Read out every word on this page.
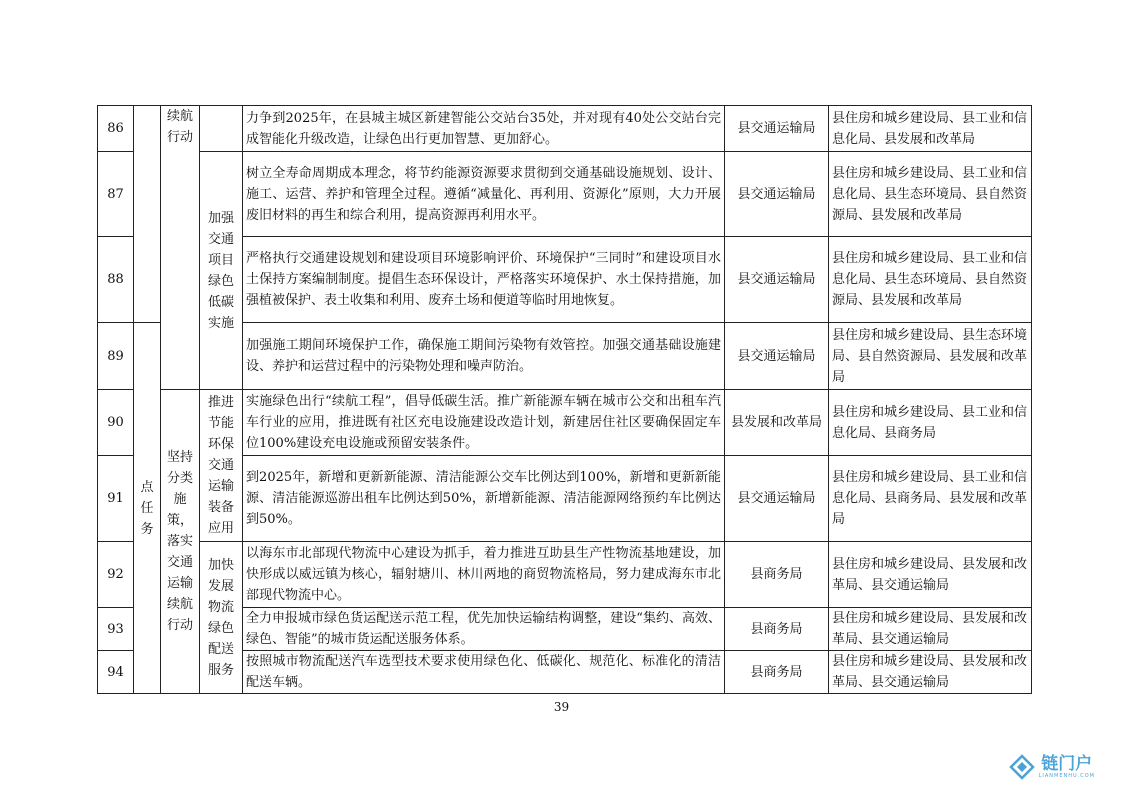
86		续航行动		力争到2025年，在县城主城区新建智能公交站台35处，并对现有40处公交站台完成智能化升级改造，让绿色出行更加智慧、更加舒心。	县交通运输局	县住房和城乡建设局、县工业和信息化局、县发展和改革局
87			加强交通项目绿色低碳实施	树立全寿命周期成本理念，将节约能源资源要求贯彻到交通基础设施规划、设计、施工、运营、养护和管理全过程。遵循“减量化、再利用、资源化”原则，大力开展废旧材料的再生和综合利用，提高资源再利用水平。	县交通运输局	县住房和城乡建设局、县工业和信息化局、县生态环境局、县自然资源局、县发展和改革局
88				严格执行交通建设规划和建设项目环境影响评价、环境保护“三同时”和建设项目水土保持方案编制制度。提倡生态环保设计，严格落实环境保护、水土保持措施，加强植被保护、表土收集和利用、废弃土场和便道等临时用地恢复。	县交通运输局	县住房和城乡建设局、县工业和信息化局、县生态环境局、县自然资源局、县发展和改革局
89	点任务			加强施工期间环境保护工作，确保施工期间污染物有效管控。加强交通基础设施建设、养护和运营过程中的污染物处理和噪声防治。	县交通运输局	县住房和城乡建设局、县生态环境局、县自然资源局、县发展和改革局
90		坚持分类施策，落实交通运输续航行动	推进节能环保交通运输装备应用	实施绿色出行“续航工程”，倡导低碳生活。推广新能源车辆在城市公交和出租车汽车行业的应用，推进既有社区充电设施建设改造计划，新建居住社区要确保固定车位100%建设充电设施或预留安装条件。	县发展和改革局	县住房和城乡建设局、县工业和信息化局、县商务局
91				到2025年，新增和更新新能源、清洁能源公交车比例达到100%，新增和更新新能源、清洁能源巡游出租车比例达到50%，新增新能源、清洁能源网络预约车比例达到50%。	县交通运输局	县住房和城乡建设局、县工业和信息化局、县商务局、县发展和改革局
92			加快发展物流绿色配送服务	以海东市北部现代物流中心建设为抓手，着力推进互助县生产性物流基地建设，加快形成以威远镇为核心，辐射塘川、林川两地的商贸物流格局，努力建成海东市北部现代物流中心。	县商务局	县住房和城乡建设局、县发展和改革局、县交通运输局
93				全力申报城市绿色货运配送示范工程，优先加快运输结构调整，建设“集约、高效、绿色、智能”的城市货运配送服务体系。	县商务局	县住房和城乡建设局、县发展和改革局、县交通运输局
94				按照城市物流配送汽车选型技术要求使用绿色化、低碳化、规范化、标准化的清洁配送车辆。	县商务局	县住房和城乡建设局、县发展和改革局、县交通运输局
39
链门户
LIANMENHU.COM
